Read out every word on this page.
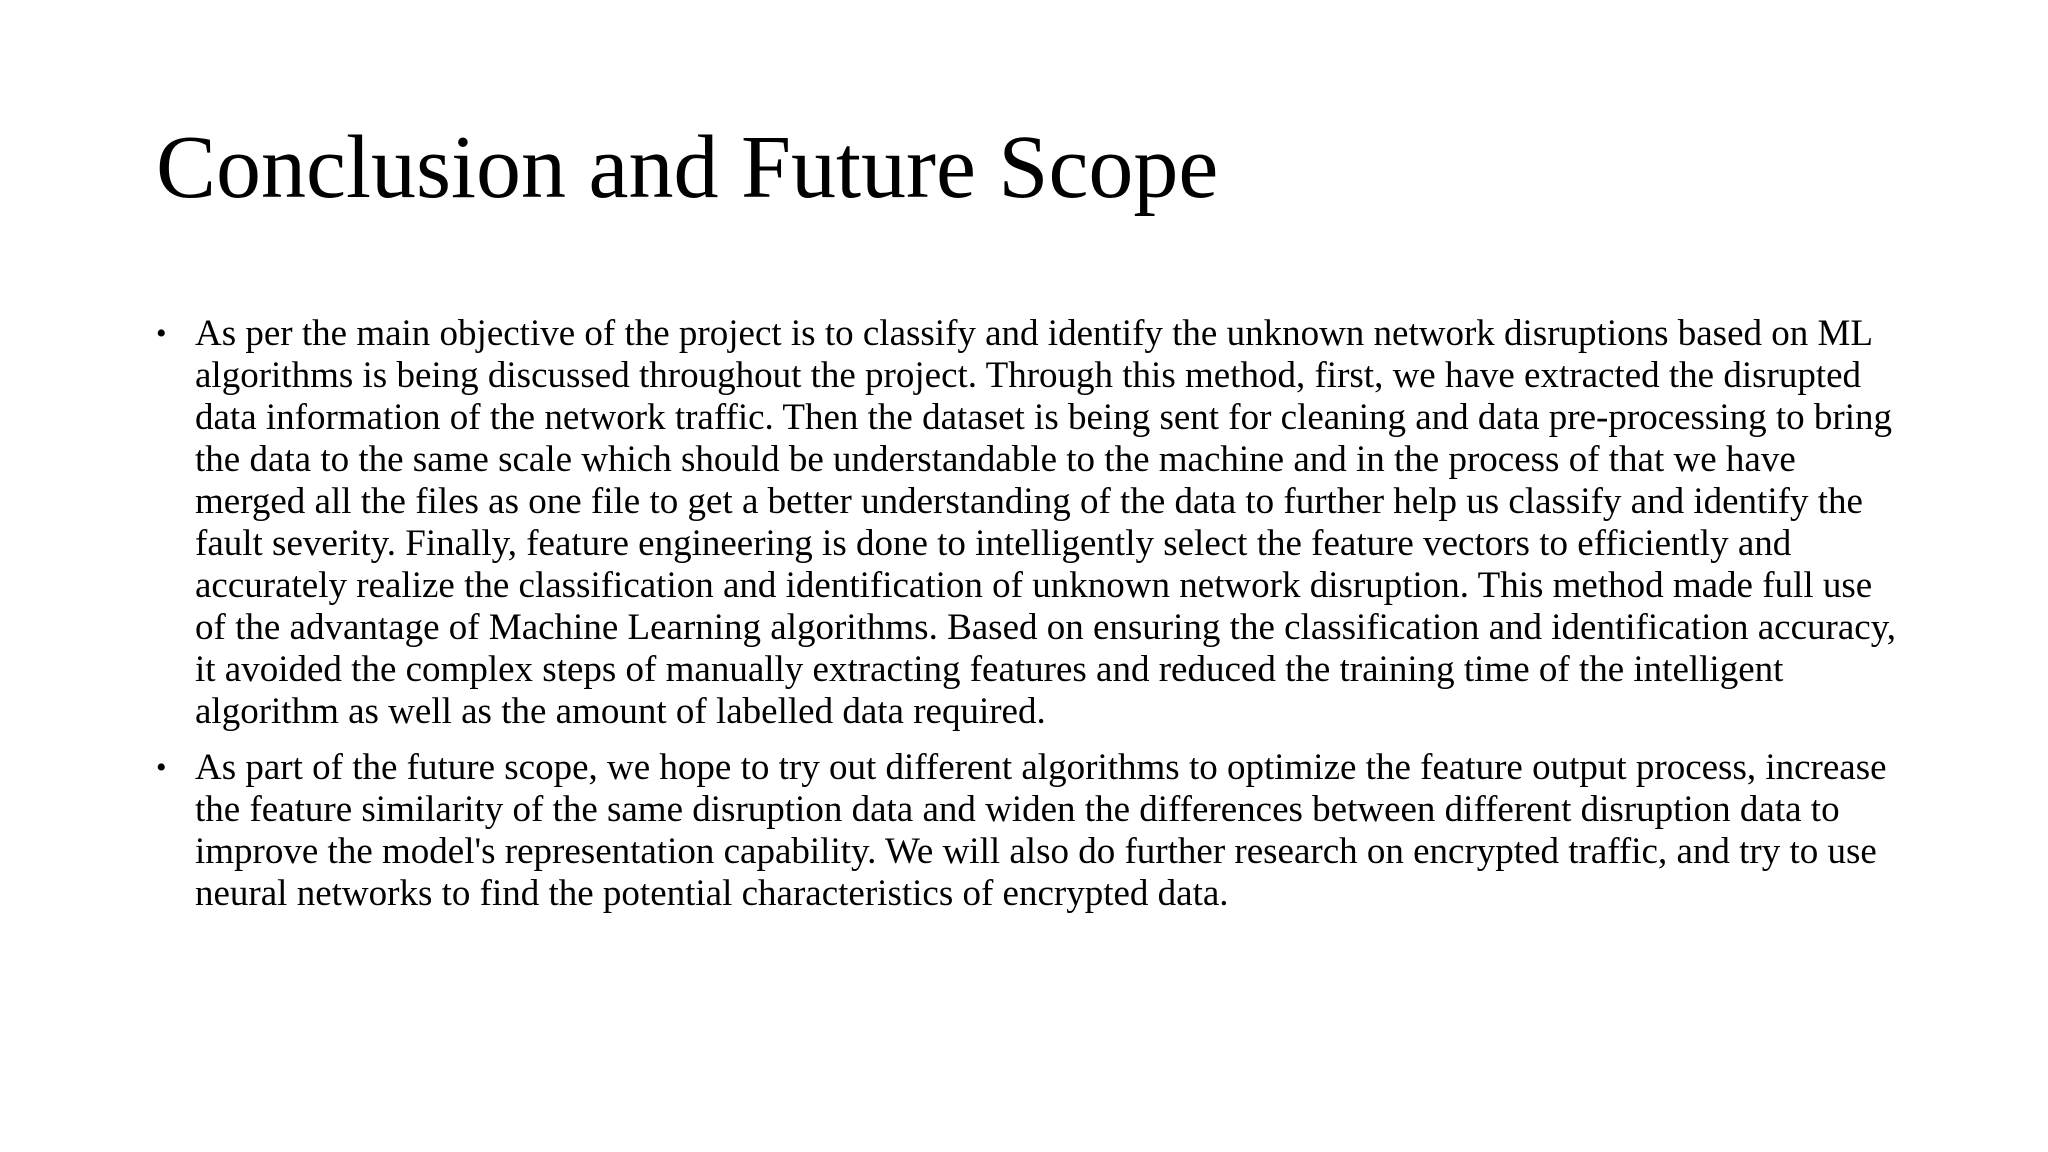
Conclusion and Future Scope
• As per the main objective of the project is to classify and identify the unknown network disruptions based on ML algorithms is being discussed throughout the project. Through this method, first, we have extracted the disrupted data information of the network traffic. Then the dataset is being sent for cleaning and data pre-processing to bring the data to the same scale which should be understandable to the machine and in the process of that we have merged all the files as one file to get a better understanding of the data to further help us classify and identify the fault severity. Finally, feature engineering is done to intelligently select the feature vectors to efficiently and accurately realize the classification and identification of unknown network disruption. This method made full use of the advantage of Machine Learning algorithms. Based on ensuring the classification and identification accuracy, it avoided the complex steps of manually extracting features and reduced the training time of the intelligent algorithm as well as the amount of labelled data required.
• As part of the future scope, we hope to try out different algorithms to optimize the feature output process, increase the feature similarity of the same disruption data and widen the differences between different disruption data to improve the model's representation capability. We will also do further research on encrypted traffic, and try to use neural networks to find the potential characteristics of encrypted data.
